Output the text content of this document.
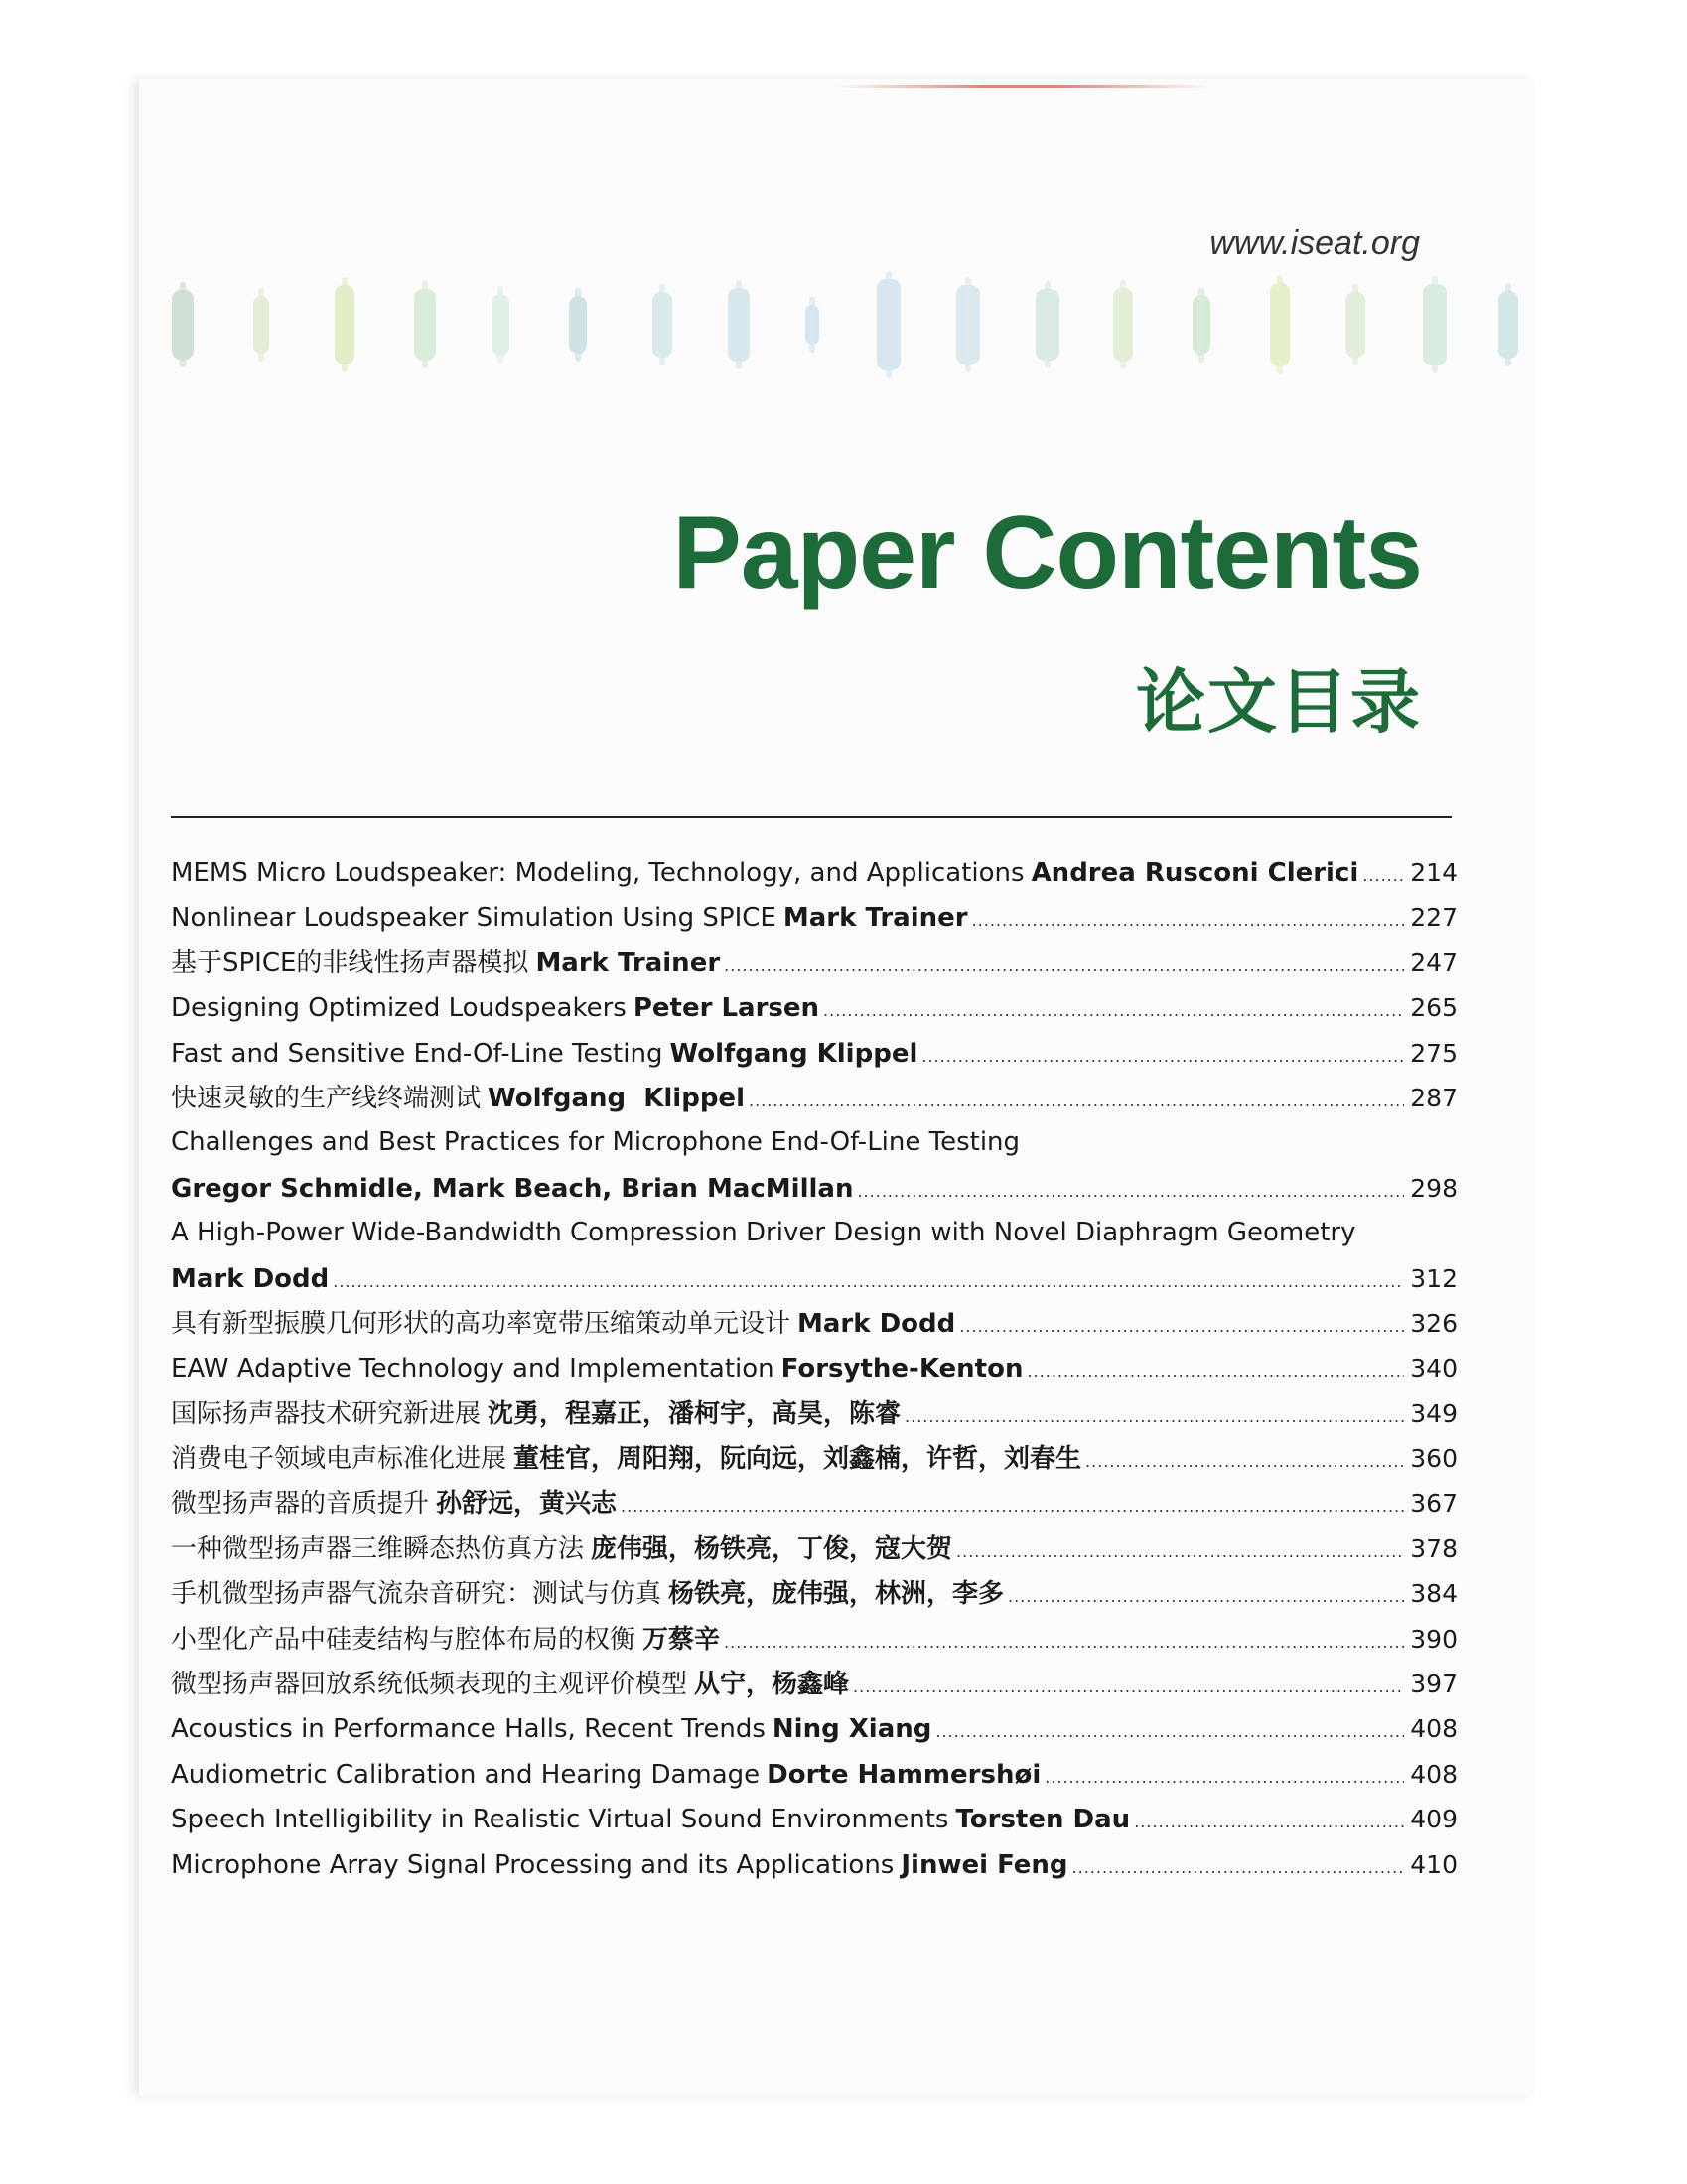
www.iseat.org
Paper Contents
论文目录
MEMS Micro Loudspeaker: Modeling, Technology, and Applications Andrea Rusconi Clerici ..... 214
Nonlinear Loudspeaker Simulation Using SPICE Mark Trainer .....	227
基于SPICE的非线性扬声器模拟 Mark Trainer .....	247
Designing Optimized Loudspeakers Peter Larsen .....	265
Fast and Sensitive End-Of-Line Testing Wolfgang Klippel .....	275
快速灵敏的生产线终端测试 Wolfgang  Klippel .....	287
Challenges and Best Practices for Microphone End-Of-Line Testing
Gregor Schmidle, Mark Beach, Brian MacMillan .....	298
A High-Power Wide-Bandwidth Compression Driver Design with Novel Diaphragm Geometry
Mark Dodd .....	312
具有新型振膜几何形状的高功率宽带压缩策动单元设计 Mark Dodd .....	326
EAW Adaptive Technology and Implementation Forsythe-Kenton .....	340
国际扬声器技术研究新进展 沈勇，程嘉正，潘柯宇，高昊，陈睿 .....	349
消费电子领域电声标准化进展 董桂官，周阳翔，阮向远，刘鑫楠，许哲，刘春生 .....	360
微型扬声器的音质提升 孙舒远，黄兴志 .....	367
一种微型扬声器三维瞬态热仿真方法 庞伟强，杨铁亮，丁俊，寇大贺 .....	378
手机微型扬声器气流杂音研究：测试与仿真 杨铁亮，庞伟强，林洲，李多 .....	384
小型化产品中硅麦结构与腔体布局的权衡 万蔡辛 .....	390
微型扬声器回放系统低频表现的主观评价模型 从宁，杨鑫峰 .....	397
Acoustics in Performance Halls, Recent Trends Ning Xiang .....	408
Audiometric Calibration and Hearing Damage Dorte Hammershøi .....	408
Speech Intelligibility in Realistic Virtual Sound Environments Torsten Dau .....	409
Microphone Array Signal Processing and its Applications Jinwei Feng .....	410
